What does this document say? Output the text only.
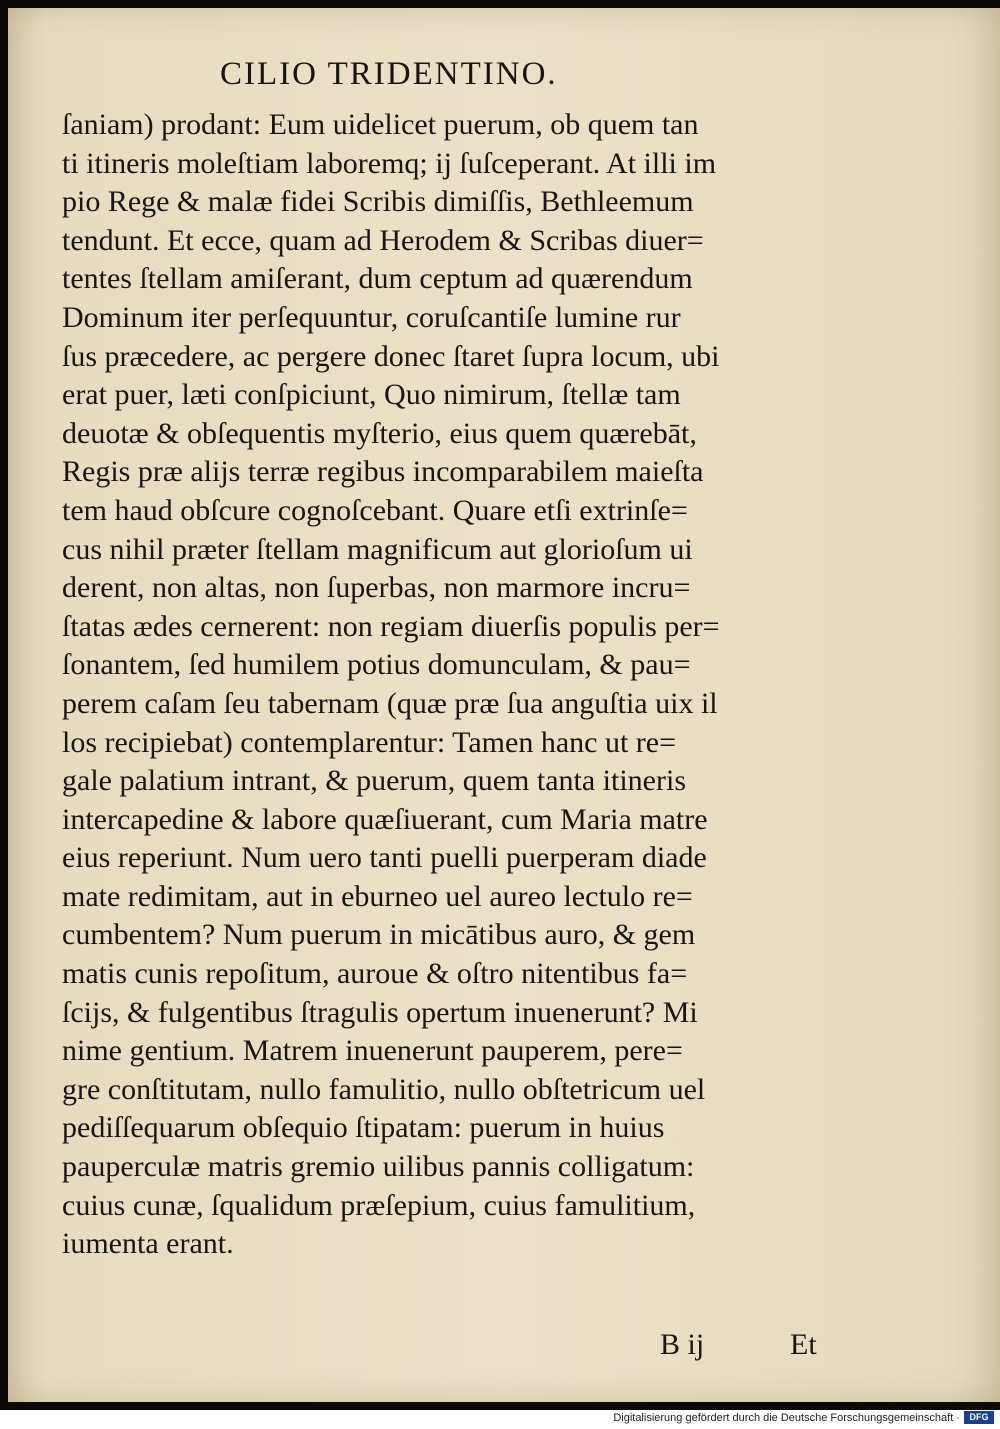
CILIO TRIDENTINO.
ſaniam) prodant: Eum uidelicet puerum, ob quem tan
ti itineris moleſtiam laboremq; ij ſuſceperant. At illi im
pio Rege & malæ fidei Scribis dimiſſis, Bethleemum
tendunt. Et ecce, quam ad Herodem & Scribas diuer=
tentes ſtellam amiſerant, dum ceptum ad quærendum
Dominum iter perſequuntur, coruſcantiſe lumine rur
ſus præcedere, ac pergere donec ſtaret ſupra locum, ubi
erat puer, læti conſpiciunt, Quo nimirum, ſtellæ tam
deuotæ & obſequentis myſterio, eius quem quærebāt,
Regis præ aliјs terræ regibus incomparabilem maieſta
tem haud obſcure cognoſcebant. Quare etſi extrinſe=
cus nihil præter ſtellam magnificum aut glorioſum ui
derent, non altas, non ſuperbas, non marmore incru=
ſtatas ædes cernerent: non regiam diuerſis populis per=
ſonantem, ſed humilem potius domunculam, & pau=
perem caſam ſeu tabernam (quæ præ ſua anguſtia uix il
los recipiebat) contemplarentur: Tamen hanc ut re=
gale palatium intrant, & puerum, quem tanta itineris
intercapedine & labore quæſiuerant, cum Maria matre
eius reperiunt. Num uero tanti puelli puerperam diade
mate redimitam, aut in eburneo uel aureo lectulo re=
cumbentem? Num puerum in micātibus auro, & gem
matis cunis repoſitum, auroue & oſtro nitentibus fa=
ſcijs, & fulgentibus ſtragulis opertum inuenerunt? Mi
nime gentium. Matrem inuenerunt pauperem, pere=
gre conſtitutam, nullo famulitio, nullo obſtetricum uel
pediſſequarum obſequio ſtipatam: puerum in huius
pauperculæ matris gremio uilibus pannis colligatum:
cuius cunæ, ſqualidum præſepium, cuius famulitium,
iumenta erant.
B ij	Et
Digitalisierung gefördert durch die Deutsche Forschungsgemeinschaft ·	DFG
